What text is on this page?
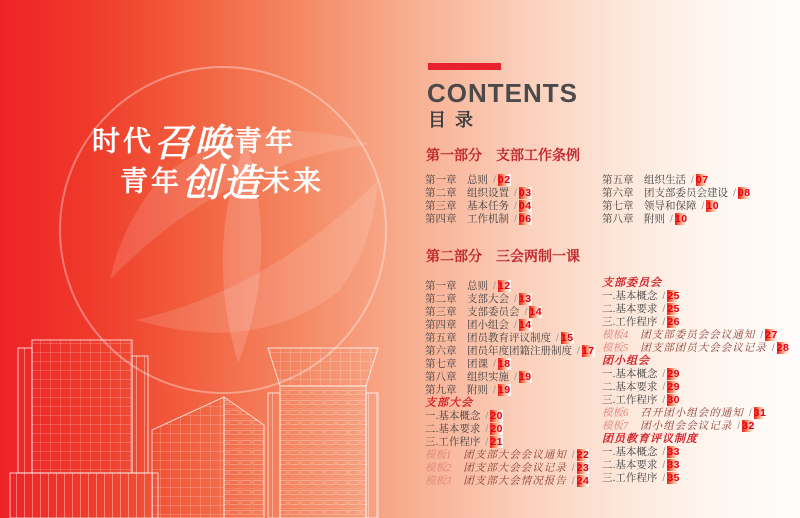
时代召唤青年
青年创造未来
CONTENTS
目录
第一部分　支部工作条例
第一章　总则 / 02
第二章　组织设置 / 03
第三章　基本任务 / 04
第四章　工作机制 / 06
第五章　组织生活 / 07
第六章　团支部委员会建设 / 08
第七章　领导和保障 / 10
第八章　附则 / 10
第二部分　三会两制一课
第一章　总则 / 12
第二章　支部大会 / 13
第三章　支部委员会 / 14
第四章　团小组会 / 14
第五章　团员教育评议制度 / 15
第六章　团员年度团籍注册制度 / 17
第七章　团课 / 18
第八章　组织实施 / 19
第九章　附则 / 19
支部大会
一.基本概念 / 20
二.基本要求 / 20
三.工作程序 / 21
模板1 团支部大会会议通知 / 22
模板2 团支部大会会议记录 / 23
模板3 团支部大会情况报告 / 24
支部委员会
一.基本概念 / 25
二.基本要求 / 25
三.工作程序 / 26
模板4 团支部委员会会议通知 / 27
模板5 团支部团员大会会议记录 / 28
团小组会
一.基本概念 / 29
二.基本要求 / 29
三.工作程序 / 30
模板6 召开团小组会的通知 / 31
模板7 团小组会会议记录 / 32
团员教育评议制度
一.基本概念 / 33
二.基本要求 / 33
三.工作程序 / 35
